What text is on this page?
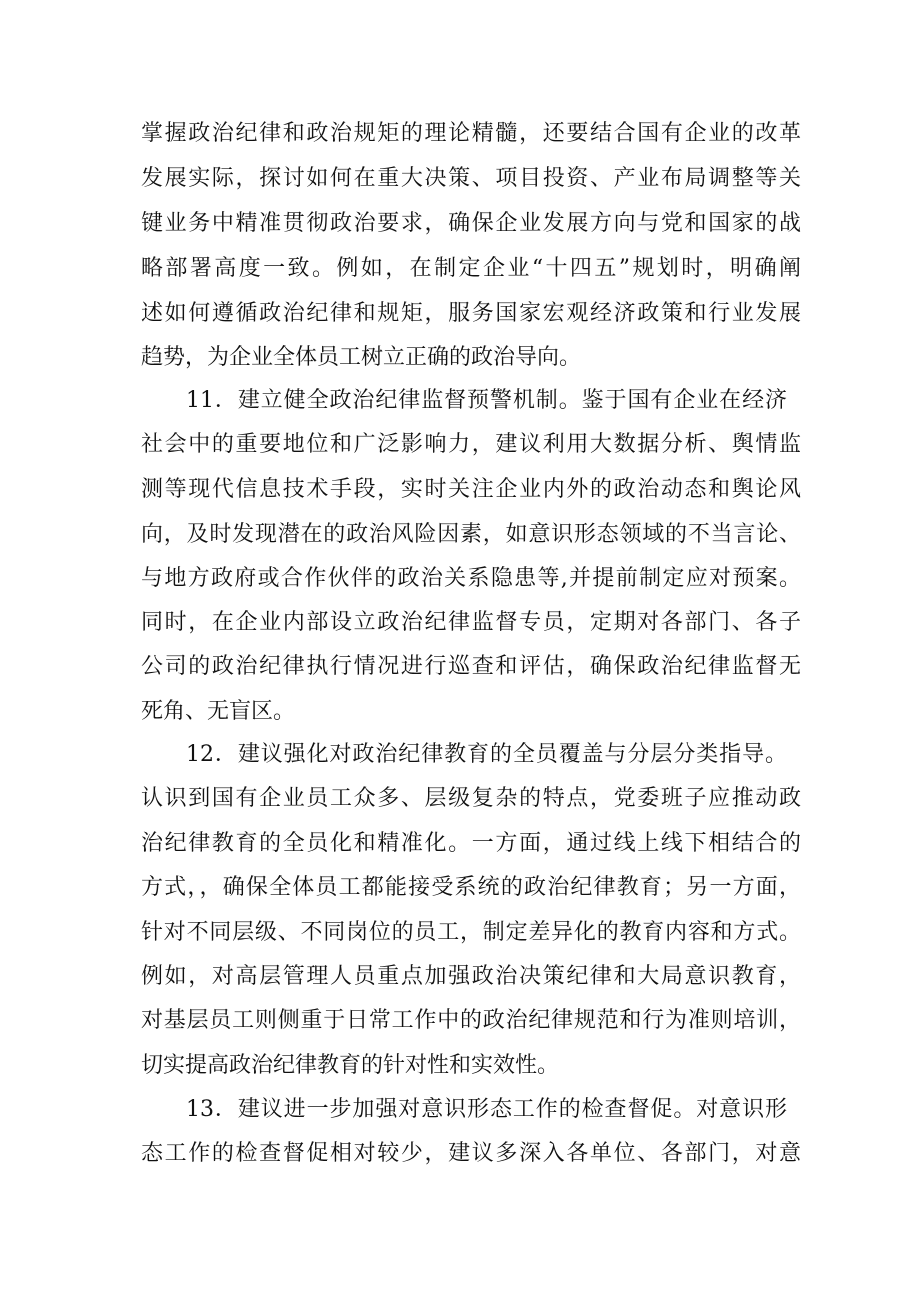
掌握政治纪律和政治规矩的理论精髓，还要结合国有企业的改革
发展实际，探讨如何在重大决策、项目投资、产业布局调整等关
键业务中精准贯彻政治要求，确保企业发展方向与党和国家的战
略部署高度一致。例如，在制定企业“十四五”规划时，明确阐
述如何遵循政治纪律和规矩，服务国家宏观经济政策和行业发展
趋势，为企业全体员工树立正确的政治导向。
11．建立健全政治纪律监督预警机制。鉴于国有企业在经济
社会中的重要地位和广泛影响力，建议利用大数据分析、舆情监
测等现代信息技术手段，实时关注企业内外的政治动态和舆论风
向，及时发现潜在的政治风险因素，如意识形态领域的不当言论、
与地方政府或合作伙伴的政治关系隐患等,并提前制定应对预案。
同时，在企业内部设立政治纪律监督专员，定期对各部门、各子
公司的政治纪律执行情况进行巡查和评估，确保政治纪律监督无
死角、无盲区。
12．建议强化对政治纪律教育的全员覆盖与分层分类指导。
认识到国有企业员工众多、层级复杂的特点，党委班子应推动政
治纪律教育的全员化和精准化。一方面，通过线上线下相结合的
方式，，确保全体员工都能接受系统的政治纪律教育；另一方面，
针对不同层级、不同岗位的员工，制定差异化的教育内容和方式。
例如，对高层管理人员重点加强政治决策纪律和大局意识教育，
对基层员工则侧重于日常工作中的政治纪律规范和行为准则培训，
切实提高政治纪律教育的针对性和实效性。
13．建议进一步加强对意识形态工作的检查督促。对意识形
态工作的检查督促相对较少，建议多深入各单位、各部门，对意
